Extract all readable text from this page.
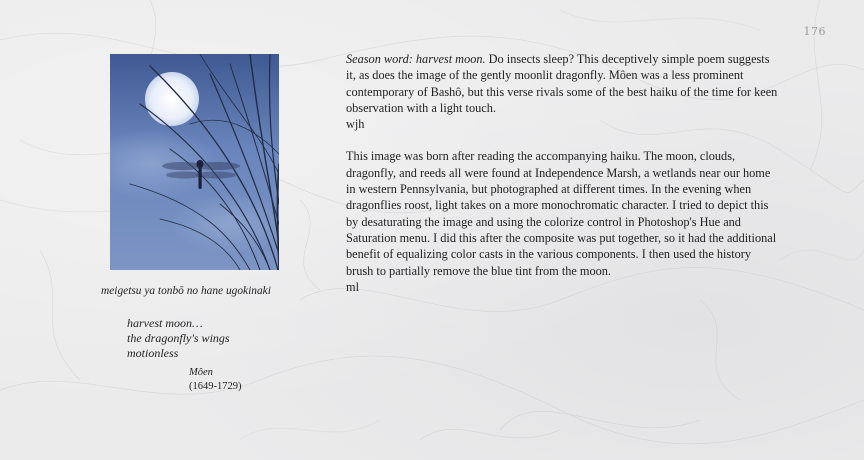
176
meigetsu ya tonbō no hane ugokinaki
harvest moon…
the dragonfly's wings
motionless
Môen
(1649-1729)

Season word: harvest moon. Do insects sleep? This deceptively simple poem suggests it, as does the image of the gently moonlit dragonfly. Môen was a less prominent contemporary of Bashô, but this verse rivals some of the best haiku of the time for keen observation with a light touch.

wjh

This image was born after reading the accompanying haiku. The moon, clouds, dragonfly, and reeds all were found at Independence Marsh, a wetlands near our home in western Pennsylvania, but photographed at different times. In the evening when dragonflies roost, light takes on a more monochromatic character. I tried to depict this by desaturating the image and using the colorize control in Photoshop's Hue and Saturation menu. I did this after the composite was put together, so it had the additional benefit of equalizing color casts in the various components. I then used the history brush to partially remove the blue tint from the moon.

ml
